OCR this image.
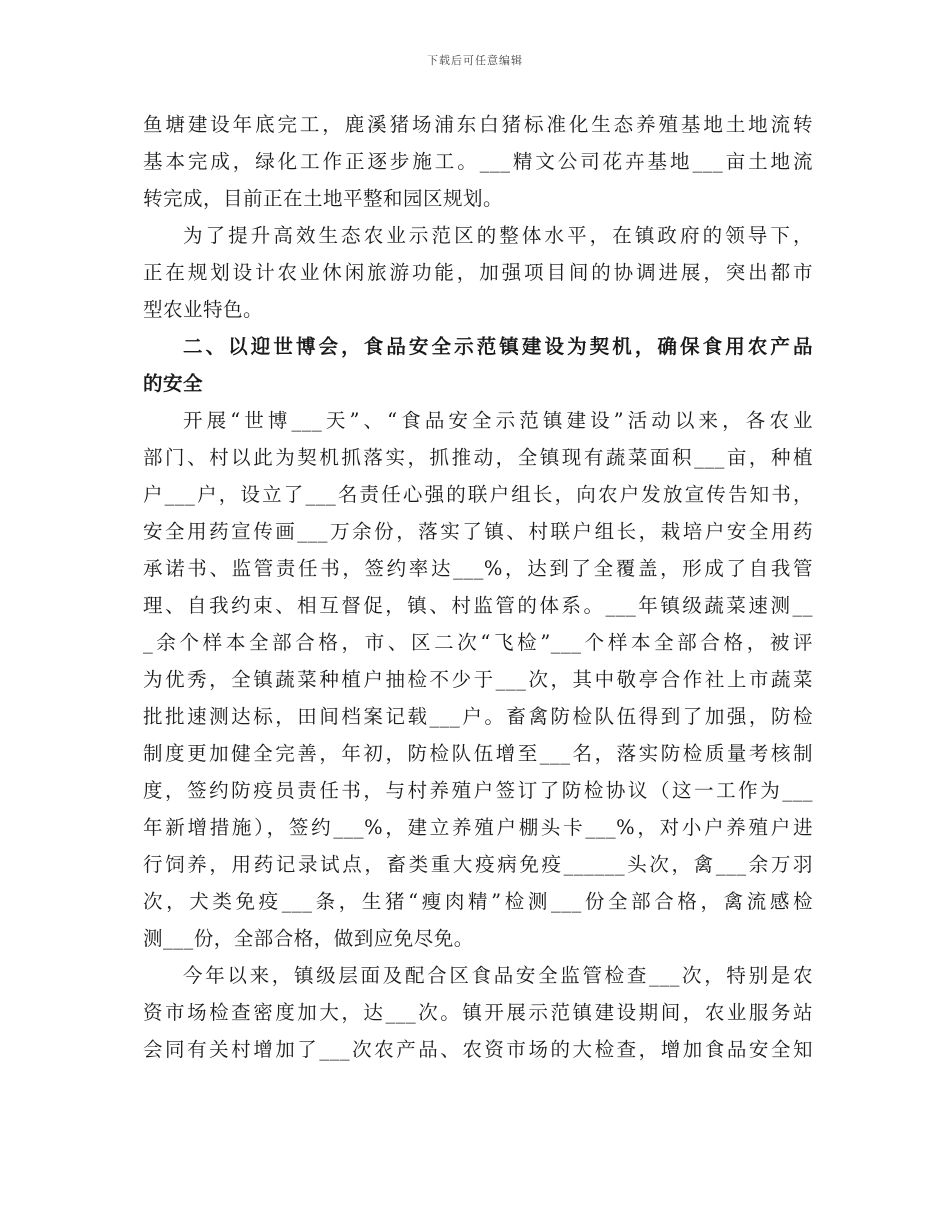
下载后可任意编辑
鱼塘建设年底完工，鹿溪猪场浦东白猪标准化生态养殖基地土地流转
基本完成，绿化工作正逐步施工。___精文公司花卉基地___亩土地流
转完成，目前正在土地平整和园区规划。
为了提升高效生态农业示范区的整体水平，在镇政府的领导下，
正在规划设计农业休闲旅游功能，加强项目间的协调进展，突出都市
型农业特色。
二、以迎世博会，食品安全示范镇建设为契机，确保食用农产品
的安全
开展“世博___天”、“食品安全示范镇建设”活动以来，各农业
部门、村以此为契机抓落实，抓推动，全镇现有蔬菜面积___亩，种植
户___户，设立了___名责任心强的联户组长，向农户发放宣传告知书，
安全用药宣传画___万余份，落实了镇、村联户组长，栽培户安全用药
承诺书、监管责任书，签约率达___%，达到了全覆盖，形成了自我管
理、自我约束、相互督促，镇、村监管的体系。___年镇级蔬菜速测__
_余个样本全部合格，市、区二次“飞检”___个样本全部合格，被评
为优秀，全镇蔬菜种植户抽检不少于___次，其中敬亭合作社上市蔬菜
批批速测达标，田间档案记载___户。畜禽防检队伍得到了加强，防检
制度更加健全完善，年初，防检队伍增至___名，落实防检质量考核制
度，签约防疫员责任书，与村养殖户签订了防检协议（这一工作为___
年新增措施），签约___%，建立养殖户棚头卡___%，对小户养殖户进
行饲养，用药记录试点，畜类重大疫病免疫______头次，禽___余万羽
次，犬类免疫___条，生猪“瘦肉精”检测___份全部合格，禽流感检
测___份，全部合格，做到应免尽免。
今年以来，镇级层面及配合区食品安全监管检查___次，特别是农
资市场检查密度加大，达___次。镇开展示范镇建设期间，农业服务站
会同有关村增加了___次农产品、农资市场的大检查，增加食品安全知
